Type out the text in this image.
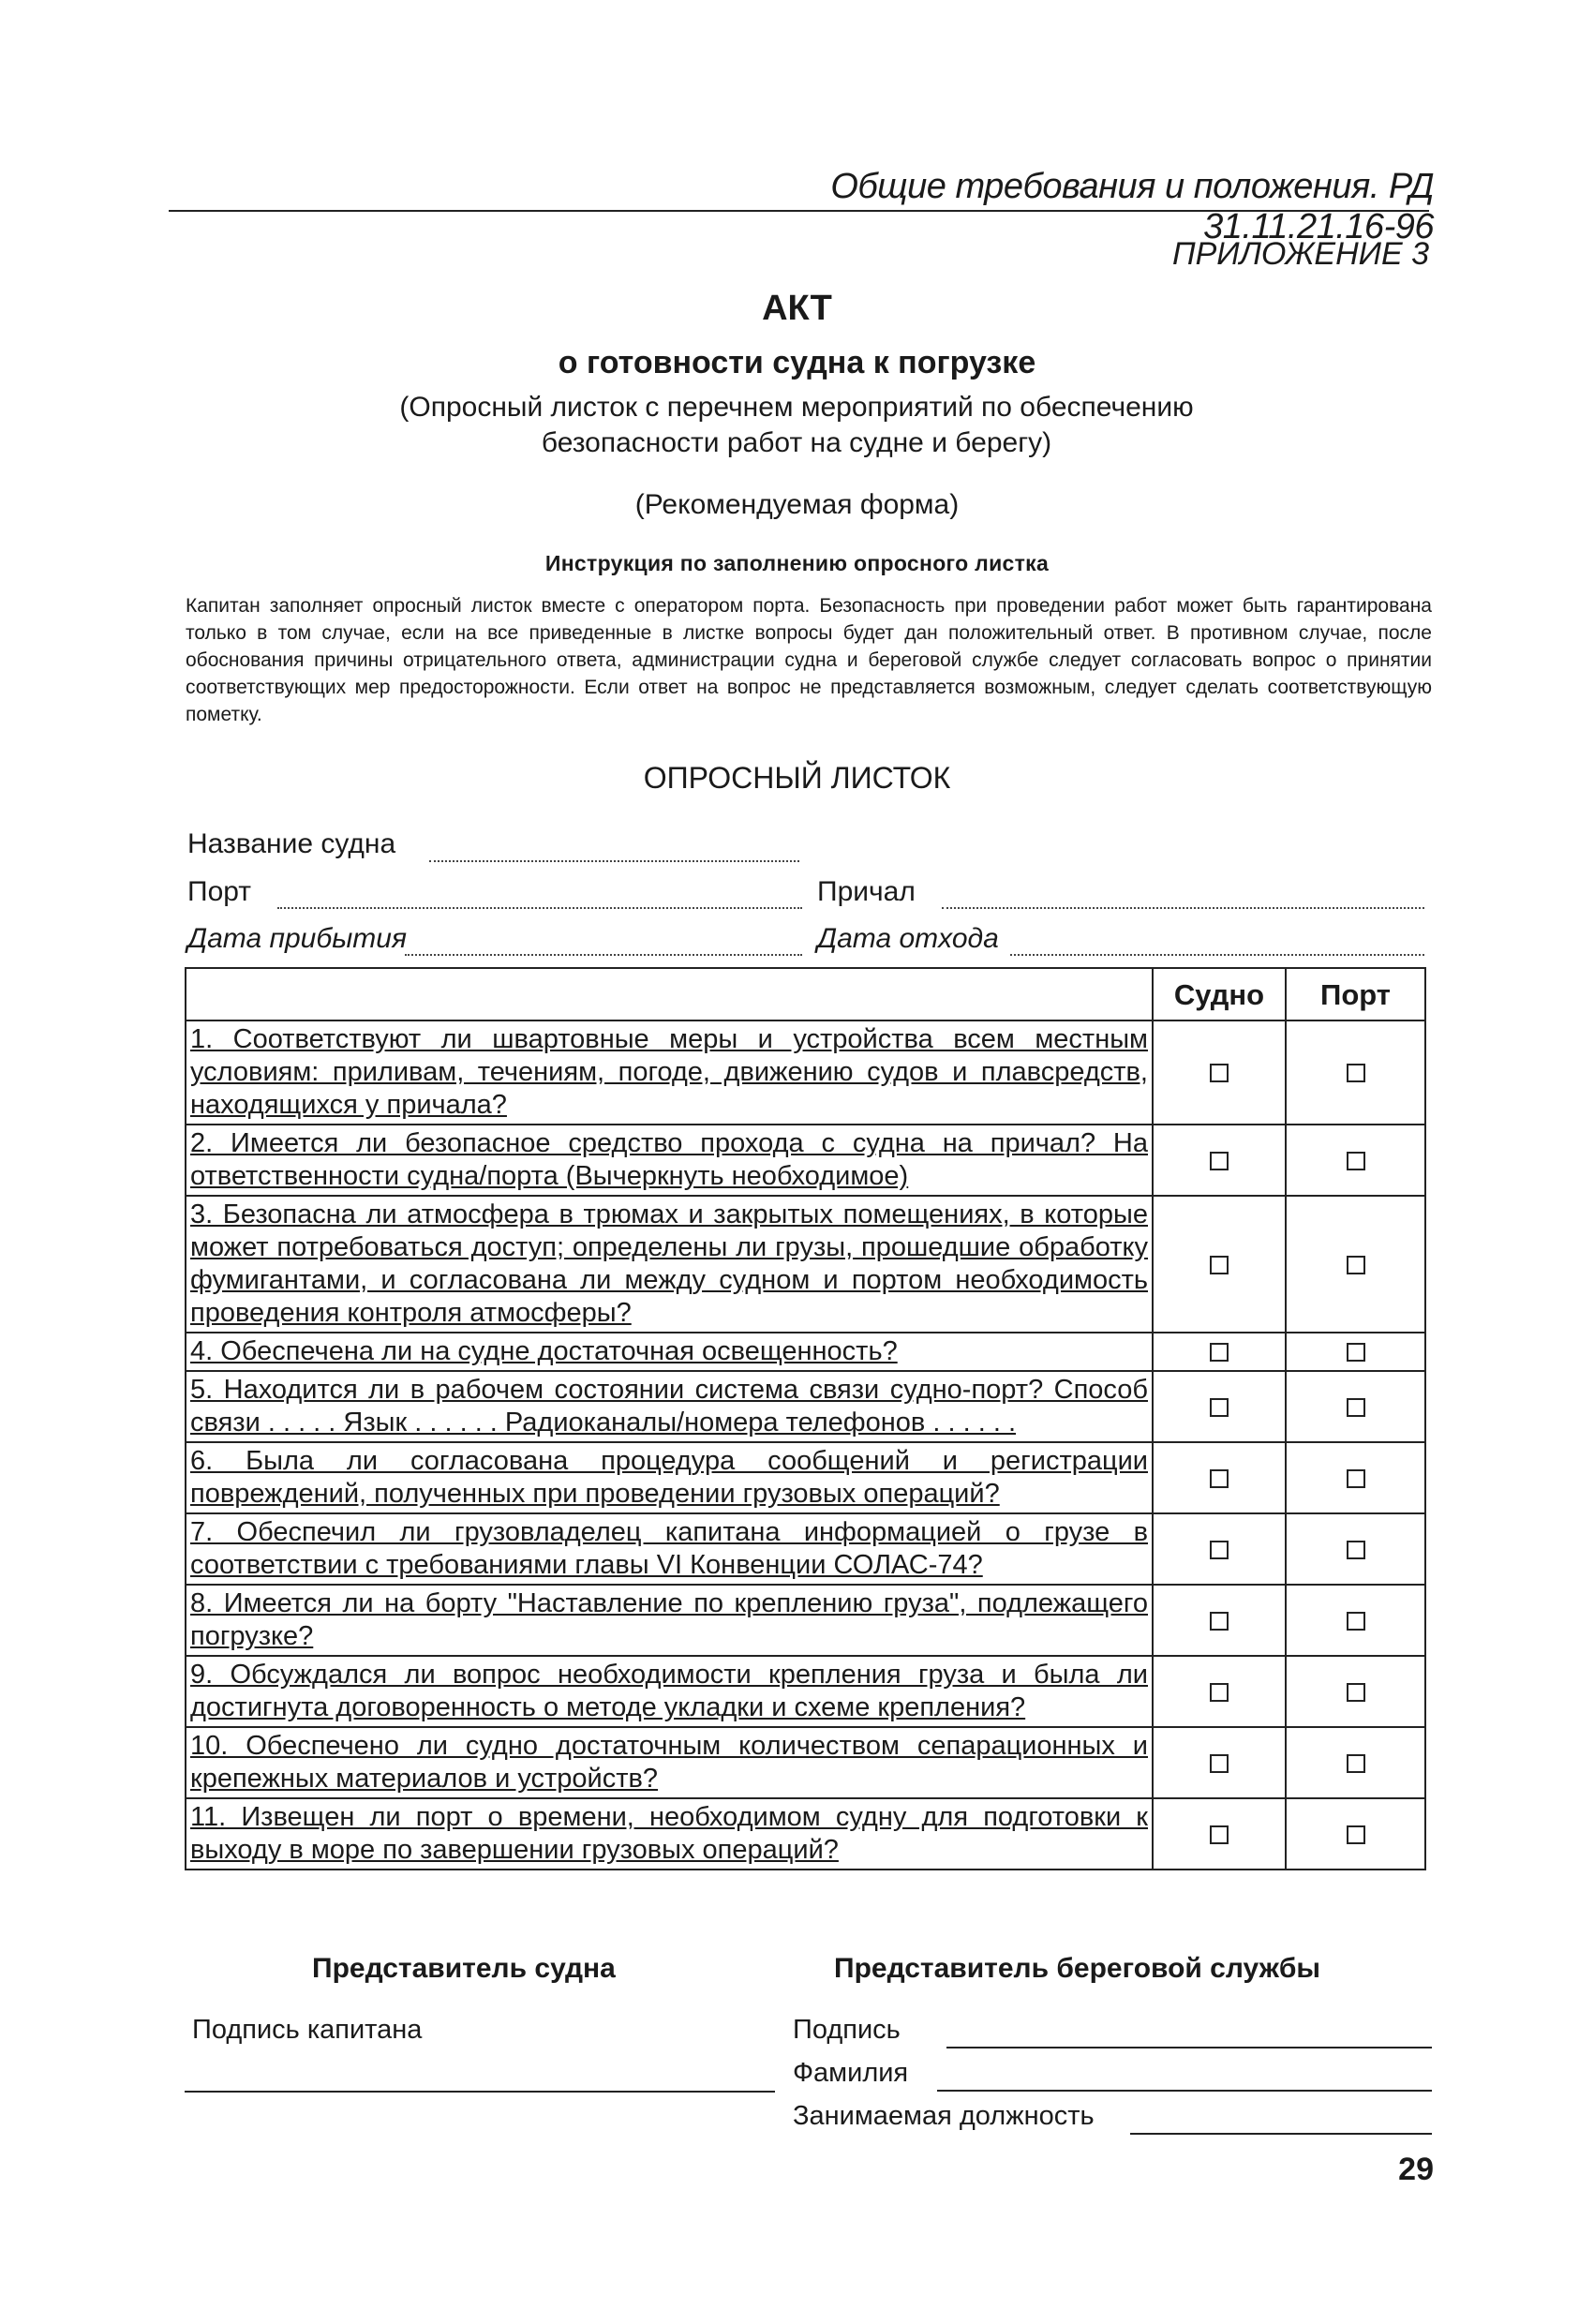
Общие требования и положения. РД 31.11.21.16-96
ПРИЛОЖЕНИЕ 3
АКТ
о готовности судна к погрузке
(Опросный листок с перечнем мероприятий по обеспечению безопасности работ на судне и берегу)
(Рекомендуемая форма)
Инструкция по заполнению опросного листка
Капитан заполняет опросный листок вместе с оператором порта. Безопасность при проведении работ может быть гарантирована только в том случае, если на все приведенные в листке вопросы будет дан положительный ответ. В противном случае, после обоснования причины отрицательного ответа, администрации судна и береговой службе следует согласовать вопрос о принятии соответствующих мер предосторожности. Если ответ на вопрос не представляется возможным, следует сделать соответствующую пометку.
ОПРОСНЫЙ ЛИСТОК
Название судна
Порт	Причал
Дата прибытия	Дата отхода
	Судно	Порт
1. Соответствуют ли швартовные меры и устройства всем местным условиям: приливам, течениям, погоде, движению судов и плавсредств, находящихся у причала?		
2. Имеется ли безопасное средство прохода с судна на причал? На ответственности судна/порта (Вычеркнуть необходимое)		
3. Безопасна ли атмосфера в трюмах и закрытых помещениях, в которые может потребоваться доступ; определены ли грузы, прошедшие обработку фумигантами, и согласована ли между судном и портом необходимость проведения контроля атмосферы?		
4. Обеспечена ли на судне достаточная освещенность?		
5. Находится ли в рабочем состоянии система связи судно-порт? Способ связи . . . . . Язык . . . . . . Радиоканалы/номера телефонов . . . . . .		
6. Была ли согласована процедура сообщений и регистрации повреждений, полученных при проведении грузовых операций?		
7. Обеспечил ли грузовладелец капитана информацией о грузе в соответствии с требованиями главы VI Конвенции СОЛАС-74?		
8. Имеется ли на борту "Наставление по креплению груза", подлежащего погрузке?		
9. Обсуждался ли вопрос необходимости крепления груза и была ли достигнута договоренность о методе укладки и схеме крепления?		
10. Обеспечено ли судно достаточным количеством сепарационных и крепежных материалов и устройств?		
11. Извещен ли порт о времени, необходимом судну для подготовки к выходу в море по завершении грузовых операций?		
Представитель судна	Представитель береговой службы
Подпись капитана	Подпись
Фамилия
Занимаемая должность
29
